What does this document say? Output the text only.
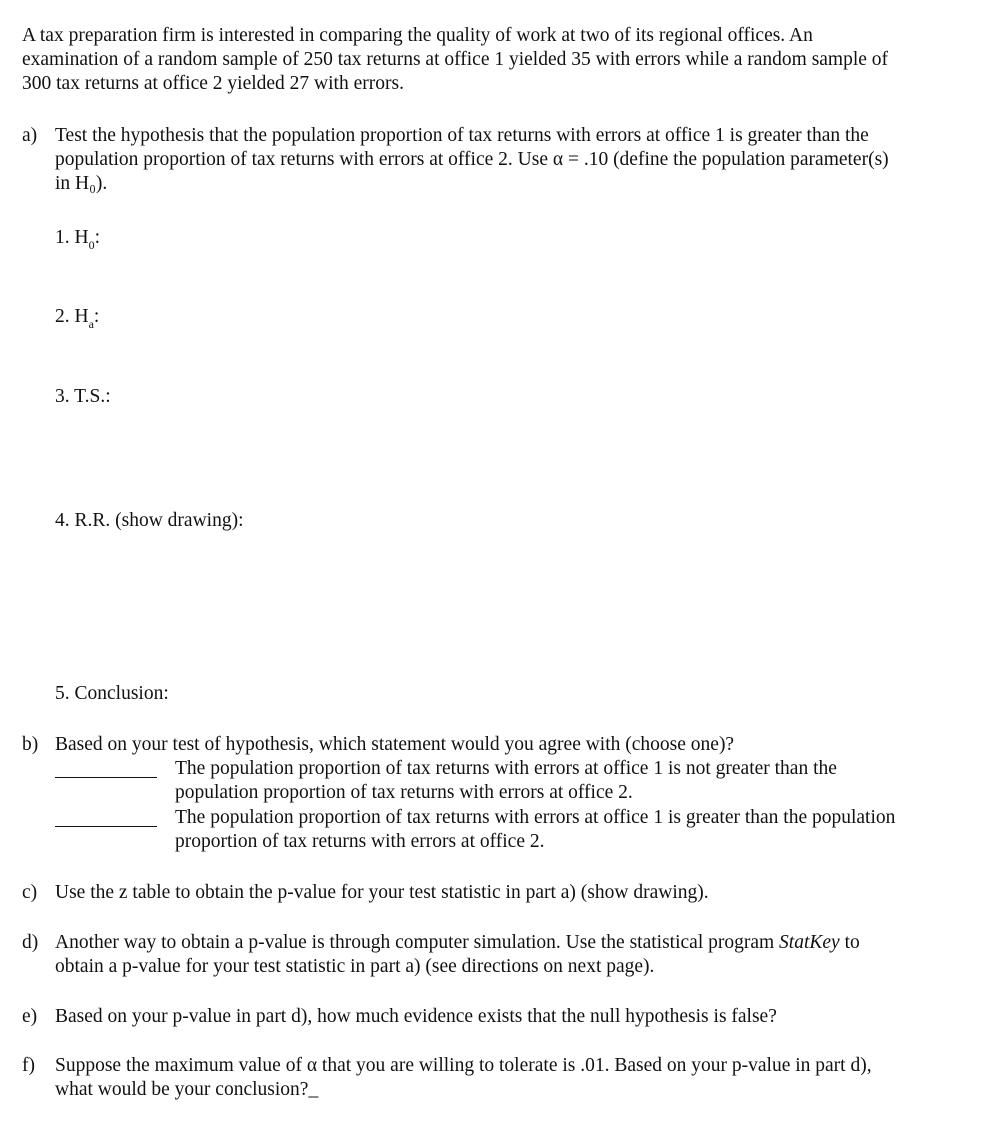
A tax preparation firm is interested in comparing the quality of work at two of its regional offices. An
examination of a random sample of 250 tax returns at office 1 yielded 35 with errors while a random sample of
300 tax returns at office 2 yielded 27 with errors.
a) Test the hypothesis that the population proportion of tax returns with errors at office 1 is greater than the
population proportion of tax returns with errors at office 2. Use α = .10 (define the population parameter(s)
in H₀).
1. $H_0$:
2. $H_a$:
3. T.S.:
4. R.R. (show drawing):
5. Conclusion:
b) Based on your test of hypothesis, which statement would you agree with (choose one)?
The population proportion of tax returns with errors at office 1 is not greater than the
population proportion of tax returns with errors at office 2.
The population proportion of tax returns with errors at office 1 is greater than the population
proportion of tax returns with errors at office 2.
c) Use the z table to obtain the p-value for your test statistic in part a) (show drawing).
d) Another way to obtain a p-value is through computer simulation. Use the statistical program StatKey to
obtain a p-value for your test statistic in part a) (see directions on next page).
e) Based on your p-value in part d), how much evidence exists that the null hypothesis is false?
f) Suppose the maximum value of α that you are willing to tolerate is .01. Based on your p-value in part d),
what would be your conclusion?_
